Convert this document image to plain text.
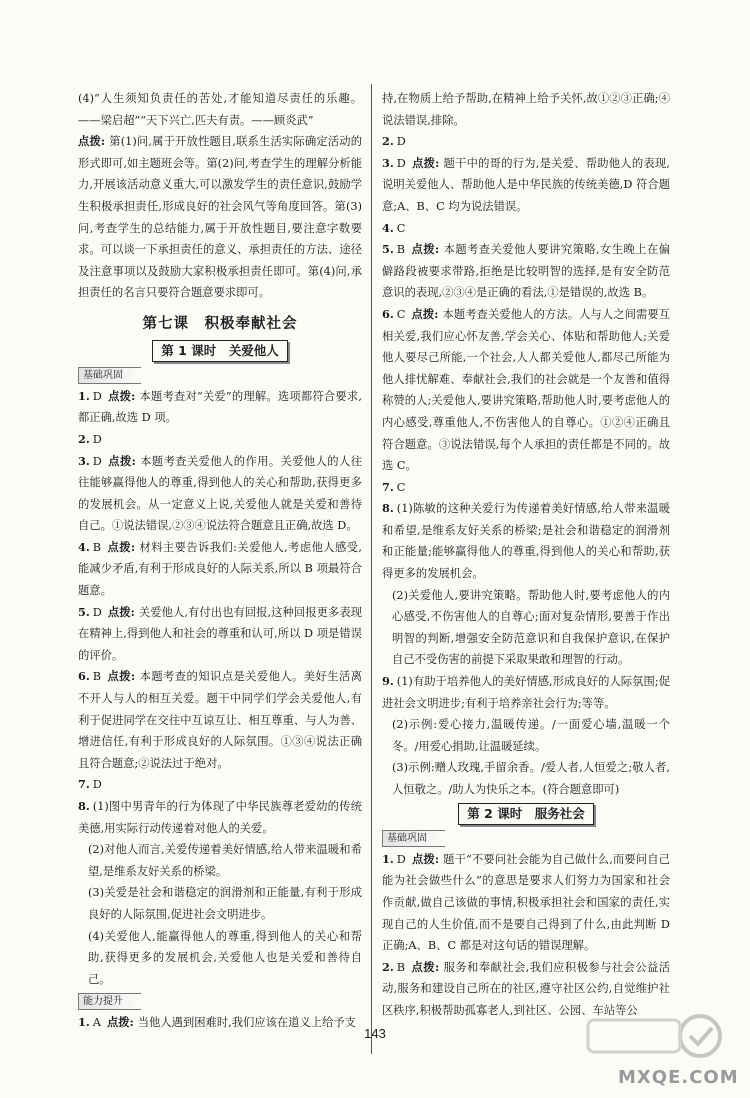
(4)“人生须知负责任的苦处,才能知道尽责任的乐趣。——梁启超”“天下兴亡,匹夫有责。——顾炎武”

点拨: 第(1)问,属于开放性题目,联系生活实际确定活动的形式即可,如主题班会等。第(2)问,考查学生的理解分析能力,开展该活动意义重大,可以激发学生的责任意识,鼓励学生积极承担责任,形成良好的社会风气等角度回答。第(3)问,考查学生的总结能力,属于开放性题目,要注意字数要求。可以谈一下承担责任的意义、承担责任的方法、途径及注意事项以及鼓励大家积极承担责任即可。第(4)问,承担责任的名言只要符合题意要求即可。

第七课　积极奉献社会
第 1 课时　关爱他人
基础巩固

1. D 点拨: 本题考查对“关爱”的理解。选项都符合要求,都正确,故选 D 项。

2. D

3. D 点拨: 本题考查关爱他人的作用。关爱他人的人往往能够赢得他人的尊重,得到他人的关心和帮助,获得更多的发展机会。从一定意义上说,关爱他人就是关爱和善待自己。①说法错误,②③④说法符合题意且正确,故选 D。

4. B 点拨: 材料主要告诉我们:关爱他人,考虑他人感受,能减少矛盾,有利于形成良好的人际关系,所以 B 项最符合题意。

5. D 点拨: 关爱他人,有付出也有回报,这种回报更多表现在精神上,得到他人和社会的尊重和认可,所以 D 项是错误的评价。

6. B 点拨: 本题考查的知识点是关爱他人。美好生活离不开人与人的相互关爱。题干中同学们学会关爱他人,有利于促进同学在交往中互谅互让、相互尊重、与人为善、增进信任,有利于形成良好的人际氛围。①③④说法正确且符合题意;②说法过于绝对。

7. D

8. (1)图中男青年的行为体现了中华民族尊老爱幼的传统美德,用实际行动传递着对他人的关爱。

(2)对他人而言,关爱传递着美好情感,给人带来温暖和希望,是维系友好关系的桥梁。

(3)关爱是社会和谐稳定的润滑剂和正能量,有利于形成良好的人际氛围,促进社会文明进步。

(4)关爱他人,能赢得他人的尊重,得到他人的关心和帮助,获得更多的发展机会,关爱他人也是关爱和善待自己。

能力提升

1. A 点拨: 当他人遇到困难时,我们应该在道义上给予支

持,在物质上给予帮助,在精神上给予关怀,故①②③正确;④说法错误,排除。

2. D

3. D 点拨: 题干中的哥的行为,是关爱、帮助他人的表现,说明关爱他人、帮助他人是中华民族的传统美德,D 符合题意;A、B、C 均为说法错误。

4. C

5. B 点拨: 本题考查关爱他人要讲究策略,女生晚上在偏僻路段被要求带路,拒绝是比较明智的选择,是有安全防范意识的表现,②③④是正确的看法,①是错误的,故选 B。

6. C 点拨: 本题考查关爱他人的方法。人与人之间需要互相关爱,我们应心怀友善,学会关心、体贴和帮助他人;关爱他人要尽己所能,一个社会,人人都关爱他人,都尽己所能为他人排忧解难、奉献社会,我们的社会就是一个友善和值得称赞的人;关爱他人,要讲究策略,帮助他人时,要考虑他人的内心感受,尊重他人,不伤害他人的自尊心。①②④正确且符合题意。③说法错误,每个人承担的责任都是不同的。故选 C。

7. C

8. (1)陈敏的这种关爱行为传递着美好情感,给人带来温暖和希望,是维系友好关系的桥梁;是社会和谐稳定的润滑剂和正能量;能够赢得他人的尊重,得到他人的关心和帮助,获得更多的发展机会。

(2)关爱他人,要讲究策略。帮助他人时,要考虑他人的内心感受,不伤害他人的自尊心;面对复杂情形,要善于作出明智的判断,增强安全防范意识和自我保护意识,在保护自己不受伤害的前提下采取果敢和理智的行动。

9. (1)有助于培养他人的美好情感,形成良好的人际氛围;促进社会文明进步;有利于培养亲社会行为;等等。

(2)示例:爱心接力,温暖传递。/一面爱心墙,温暖一个冬。/用爱心捐助,让温暖延续。

(3)示例:赠人玫瑰,手留余香。/爱人者,人恒爱之;敬人者,人恒敬之。/助人为快乐之本。(符合题意即可)

第 2 课时　服务社会
基础巩固

1. D 点拨: 题干“不要问社会能为自己做什么,而要问自己能为社会做些什么”的意思是要求人们努力为国家和社会作贡献,做自己该做的事情,积极承担社会和国家的责任,实现自己的人生价值,而不是要自己得到了什么,由此判断 D 正确;A、B、C 都是对这句话的错误理解。

2. B 点拨: 服务和奉献社会,我们应积极参与社会公益活动,服务和建设自己所在的社区,遵守社区公约,自觉维护社区秩序,积极帮助孤寡老人,到社区、公园、车站等公

143
MXQE.COM
